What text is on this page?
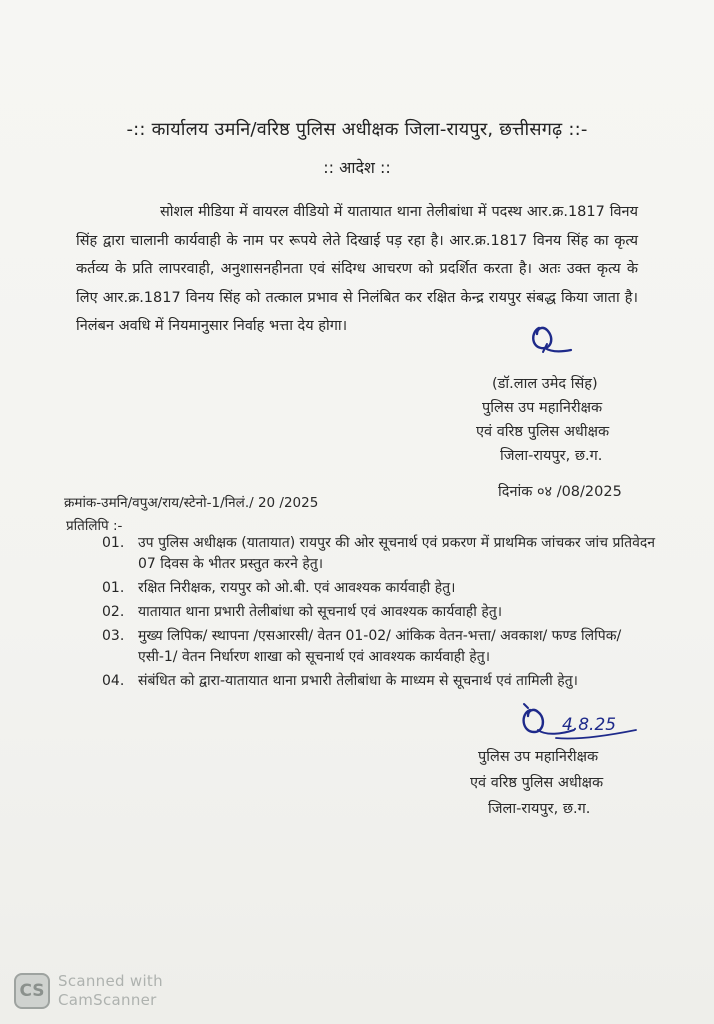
-:: कार्यालय उमनि/वरिष्ठ पुलिस अधीक्षक जिला-रायपुर, छत्तीसगढ़ ::-
:: आदेश ::
सोशल मीडिया में वायरल वीडियो में यातायात थाना तेलीबांधा में पदस्थ आर.क्र.1817 विनय सिंह द्वारा चालानी कार्यवाही के नाम पर रूपये लेते दिखाई पड़ रहा है। आर.क्र.1817 विनय सिंह का कृत्य कर्तव्य के प्रति लापरवाही, अनुशासनहीनता एवं संदिग्ध आचरण को प्रदर्शित करता है। अतः उक्त कृत्य के लिए आर.क्र.1817 विनय सिंह को तत्काल प्रभाव से निलंबित कर रक्षित केन्द्र रायपुर संबद्ध किया जाता है। निलंबन अवधि में नियमानुसार निर्वाह भत्ता देय होगा।
(डॉ.लाल उमेद सिंह)
पुलिस उप महानिरीक्षक
एवं वरिष्ठ पुलिस अधीक्षक
जिला-रायपुर, छ.ग.
दिनांक ०४ /08/2025
क्रमांक-उमनि/वपुअ/राय/स्टेनो-1/निलं./ 20 /2025
प्रतिलिपि :-
01. उप पुलिस अधीक्षक (यातायात) रायपुर की ओर सूचनार्थ एवं प्रकरण में प्राथमिक जांचकर जांच प्रतिवेदन 07 दिवस के भीतर प्रस्तुत करने हेतु।
01. रक्षित निरीक्षक, रायपुर को ओ.बी. एवं आवश्यक कार्यवाही हेतु।
02. यातायात थाना प्रभारी तेलीबांधा को सूचनार्थ एवं आवश्यक कार्यवाही हेतु।
03. मुख्य लिपिक/ स्थापना /एसआरसी/ वेतन 01-02/ आंकिक वेतन-भत्ता/ अवकाश/ फण्ड लिपिक/ एसी-1/ वेतन निर्धारण शाखा को सूचनार्थ एवं आवश्यक कार्यवाही हेतु।
04. संबंधित को द्वारा-यातायात थाना प्रभारी तेलीबांधा के माध्यम से सूचनार्थ एवं तामिली हेतु।
4.8.25
पुलिस उप महानिरीक्षक
एवं वरिष्ठ पुलिस अधीक्षक
जिला-रायपुर, छ.ग.
CS Scanned with
CamScanner
